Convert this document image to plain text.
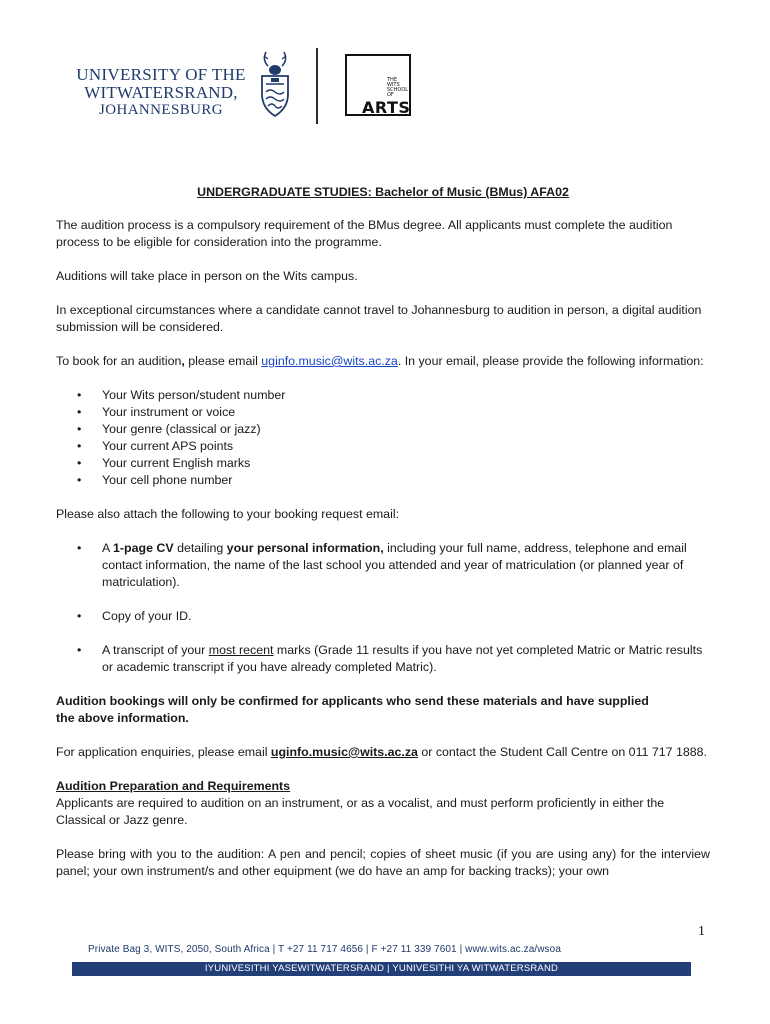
UNIVERSITY OF THE
WITWATERSRAND,
JOHANNESBURG
THE
WITS
SCHOOL OF
ARTS
UNDERGRADUATE STUDIES: Bachelor of Music (BMus) AFA02
The audition process is a compulsory requirement of the BMus degree. All applicants must complete the audition process to be eligible for consideration into the programme.
Auditions will take place in person on the Wits campus.
In exceptional circumstances where a candidate cannot travel to Johannesburg to audition in person, a digital audition submission will be considered.
To book for an audition, please email uginfo.music@wits.ac.za. In your email, please provide the following information:
• Your Wits person/student number
• Your instrument or voice
• Your genre (classical or jazz)
• Your current APS points
• Your current English marks
• Your cell phone number
Please also attach the following to your booking request email:
• A 1-page CV detailing your personal information, including your full name, address, telephone and email contact information, the name of the last school you attended and year of matriculation (or planned year of matriculation).
• Copy of your ID.
• A transcript of your most recent marks (Grade 11 results if you have not yet completed Matric or Matric results or academic transcript if you have already completed Matric).
Audition bookings will only be confirmed for applicants who send these materials and have supplied the above information.
For application enquiries, please email uginfo.music@wits.ac.za or contact the Student Call Centre on 011 717 1888.
Audition Preparation and Requirements
Applicants are required to audition on an instrument, or as a vocalist, and must perform proficiently in either the Classical or Jazz genre.
Please bring with you to the audition: A pen and pencil; copies of sheet music (if you are using any) for the interview panel; your own instrument/s and other equipment (we do have an amp for backing tracks); your own
1
Private Bag 3, WITS, 2050, South Africa | T +27 11 717 4656 | F +27 11 339 7601 | www.wits.ac.za/wsoa
IYUNIVESITHI YASEWITWATERSRAND | YUNIVESITHI YA WITWATERSRAND
